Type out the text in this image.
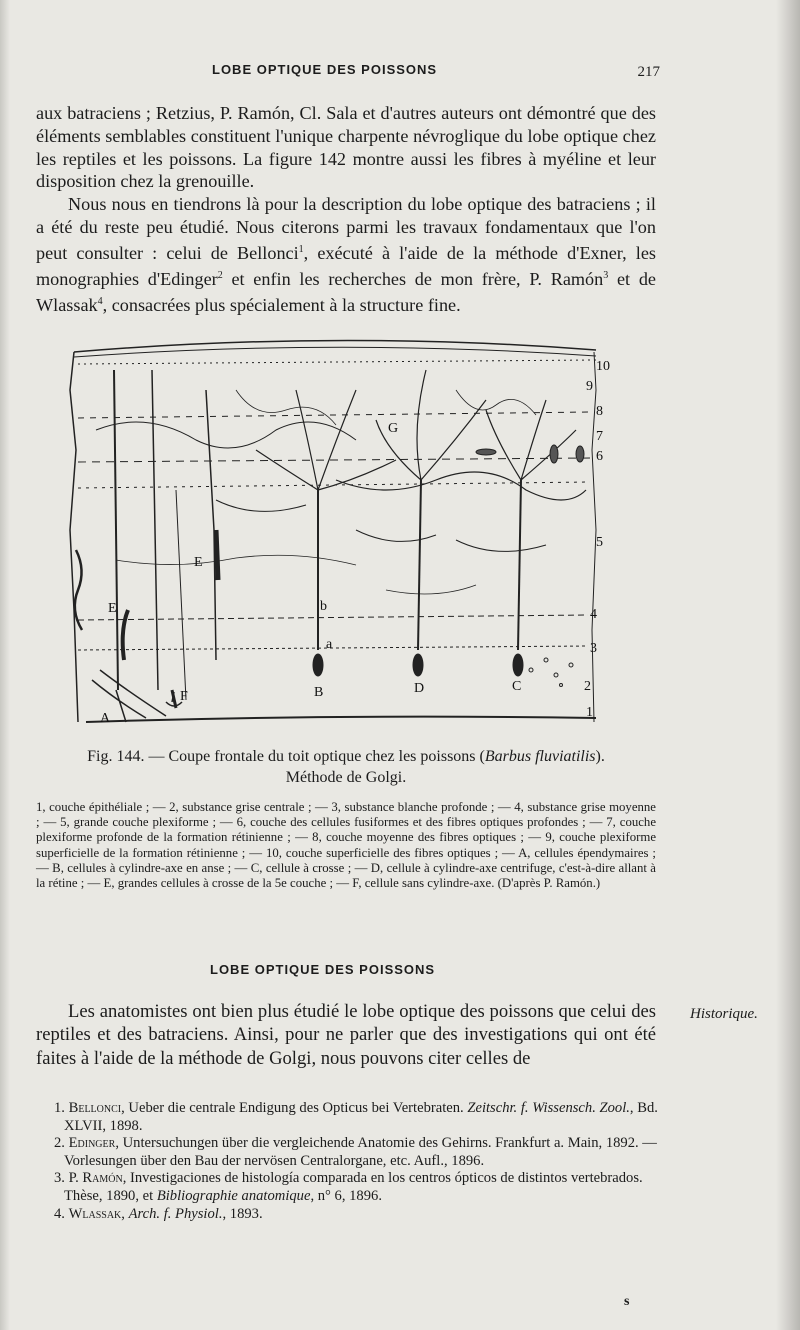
LOBE OPTIQUE DES POISSONS	217

aux batraciens ; Retzius, P. Ramón, Cl. Sala et d'autres auteurs ont démontré que des éléments semblables constituent l'unique charpente névroglique du lobe optique chez les reptiles et les poissons. La figure 142 montre aussi les fibres à myéline et leur disposition chez la grenouille.

Nous nous en tiendrons là pour la description du lobe optique des batraciens ; il a été du reste peu étudié. Nous citerons parmi les travaux fondamentaux que l'on peut consulter : celui de Bellonci$^1$, exécuté à l'aide de la méthode d'Exner, les monographies d'Edinger$^2$ et enfin les recherches de mon frère, P. Ramón$^3$ et de Wlassak$^4$, consacrées plus spécialement à la structure fine.

10
9
8
7
6
5
4
3
2
1
A
B	C
D
E
E
F
G
a
b
Fig. 144. — Coupe frontale du toit optique chez les poissons (Barbus fluviatilis).
Méthode de Golgi.
1, couche épithéliale ; — 2, substance grise centrale ; — 3, substance blanche profonde ; — 4, substance grise moyenne ; — 5, grande couche plexiforme ; — 6, couche des cellules fusiformes et des fibres optiques profondes ; — 7, couche plexiforme profonde de la formation rétinienne ; — 8, couche moyenne des fibres optiques ; — 9, couche plexiforme superficielle de la formation rétinienne ; — 10, couche superficielle des fibres optiques ; — A, cellules épendymaires ; — B, cellules à cylindre-axe en anse ; — C, cellule à crosse ; — D, cellule à cylindre-axe centrifuge, c'est-à-dire allant à la rétine ; — E, grandes cellules à crosse de la 5e couche ; — F, cellule sans cylindre-axe. (D'après P. Ramón.)
LOBE OPTIQUE DES POISSONS

Les anatomistes ont bien plus étudié le lobe optique des poissons que celui des reptiles et des batraciens. Ainsi, pour ne parler que des investigations qui ont été faites à l'aide de la méthode de Golgi, nous pouvons citer celles de

Historique.

1. Bellonci, Ueber die centrale Endigung des Opticus bei Vertebraten. Zeitschr. f. Wissensch. Zool., Bd. XLVII, 1898.

2. Edinger, Untersuchungen über die vergleichende Anatomie des Gehirns. Frankfurt a. Main, 1892. — Vorlesungen über den Bau der nervösen Centralorgane, etc. Aufl., 1896.

3. P. Ramón, Investigaciones de histología comparada en los centros ópticos de distintos vertebrados. Thèse, 1890, et Bibliographie anatomique, n° 6, 1896.

4. Wlassak, Arch. f. Physiol., 1893.

s
